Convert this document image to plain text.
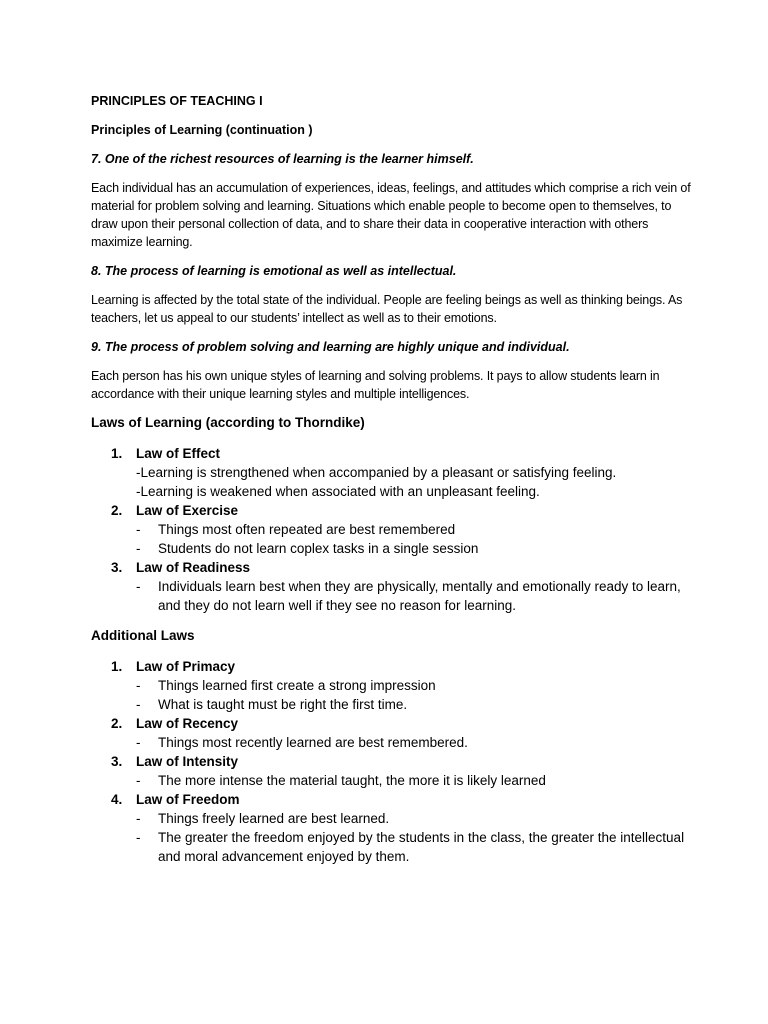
PRINCIPLES OF TEACHING I
Principles of Learning (continuation )
7. One of the richest resources of learning is the learner himself.
Each individual has an accumulation of experiences, ideas, feelings, and attitudes which comprise a rich vein of material for problem solving and learning. Situations which enable people to become open to themselves, to draw upon their personal collection of data, and to share their data in cooperative interaction with others maximize learning.
8. The process of learning is emotional as well as intellectual.
Learning is affected by the total state of the individual. People are feeling beings as well as thinking beings. As teachers, let us appeal to our students’ intellect as well as to their emotions.
9. The process of problem solving and learning are highly unique and individual.
Each person has his own unique styles of learning and solving problems. It pays to allow students learn in accordance with their unique learning styles and multiple intelligences.
Laws of Learning (according to Thorndike)
1. Law of Effect
-Learning is strengthened when accompanied by a pleasant or satisfying feeling.
-Learning is weakened when associated with an unpleasant feeling.
2. Law of Exercise
- Things most often repeated are best remembered
- Students do not learn coplex tasks in a single session
3. Law of Readiness
- Individuals learn best when they are physically, mentally and emotionally ready to learn, and they do not learn well if they see no reason for learning.
Additional Laws
1. Law of Primacy
- Things learned first create a strong impression
- What is taught must be right the first time.
2. Law of Recency
- Things most recently learned are best remembered.
3. Law of Intensity
- The more intense the material taught, the more it is likely learned
4. Law of Freedom
- Things freely learned are best learned.
- The greater the freedom enjoyed by the students in the class, the greater the intellectual and moral advancement enjoyed by them.
